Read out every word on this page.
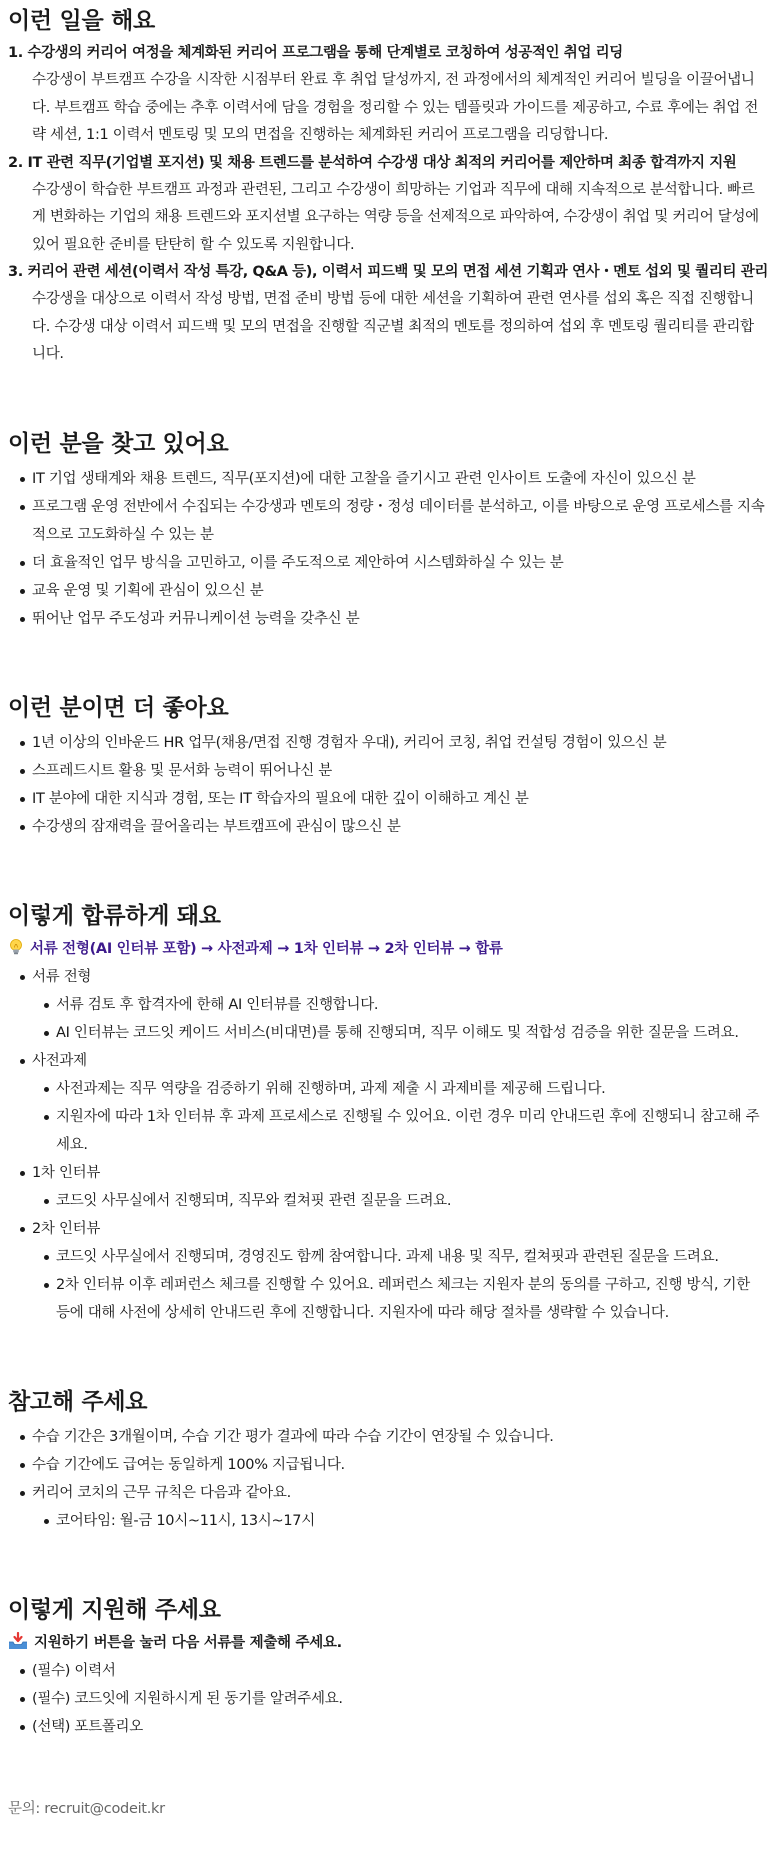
이런 일을 해요

1. 수강생의 커리어 여정을 체계화된 커리어 프로그램을 통해 단계별로 코칭하여 성공적인 취업 리딩

수강생이 부트캠프 수강을 시작한 시점부터 완료 후 취업 달성까지, 전 과정에서의 체계적인 커리어 빌딩을 이끌어냅니

다. 부트캠프 학습 중에는 추후 이력서에 담을 경험을 정리할 수 있는 템플릿과 가이드를 제공하고, 수료 후에는 취업 전

략 세션, 1:1 이력서 멘토링 및 모의 면접을 진행하는 체계화된 커리어 프로그램을 리딩합니다.

2. IT 관련 직무(기업별 포지션) 및 채용 트렌드를 분석하여 수강생 대상 최적의 커리어를 제안하며 최종 합격까지 지원

수강생이 학습한 부트캠프 과정과 관련된, 그리고 수강생이 희망하는 기업과 직무에 대해 지속적으로 분석합니다. 빠르

게 변화하는 기업의 채용 트렌드와 포지션별 요구하는 역량 등을 선제적으로 파악하여, 수강생이 취업 및 커리어 달성에

있어 필요한 준비를 탄탄히 할 수 있도록 지원합니다.

3. 커리어 관련 세션(이력서 작성 특강, Q&A 등), 이력서 피드백 및 모의 면접 세션 기획과 연사・멘토 섭외 및 퀄리티 관리

수강생을 대상으로 이력서 작성 방법, 면접 준비 방법 등에 대한 세션을 기획하여 관련 연사를 섭외 혹은 직접 진행합니

다. 수강생 대상 이력서 피드백 및 모의 면접을 진행할 직군별 최적의 멘토를 정의하여 섭외 후 멘토링 퀄리티를 관리합

니다.

이런 분을 찾고 있어요
IT 기업 생태계와 채용 트렌드, 직무(포지션)에 대한 고찰을 즐기시고 관련 인사이트 도출에 자신이 있으신 분
프로그램 운영 전반에서 수집되는 수강생과 멘토의 정량・정성 데이터를 분석하고, 이를 바탕으로 운영 프로세스를 지속적으로 고도화하실 수 있는 분
더 효율적인 업무 방식을 고민하고, 이를 주도적으로 제안하여 시스템화하실 수 있는 분
교육 운영 및 기획에 관심이 있으신 분
뛰어난 업무 주도성과 커뮤니케이션 능력을 갖추신 분
이런 분이면 더 좋아요
1년 이상의 인바운드 HR 업무(채용/면접 진행 경험자 우대), 커리어 코칭, 취업 컨설팅 경험이 있으신 분
스프레드시트 활용 및 문서화 능력이 뛰어나신 분
IT 분야에 대한 지식과 경험, 또는 IT 학습자의 필요에 대한 깊이 이해하고 계신 분
수강생의 잠재력을 끌어올리는 부트캠프에 관심이 많으신 분
이렇게 합류하게 돼요
서류 전형(AI 인터뷰 포함) → 사전과제 → 1차 인터뷰 → 2차 인터뷰 → 합류
서류 전형
서류 검토 후 합격자에 한해 AI 인터뷰를 진행합니다.
AI 인터뷰는 코드잇 케이드 서비스(비대면)를 통해 진행되며, 직무 이해도 및 적합성 검증을 위한 질문을 드려요.
사전과제
사전과제는 직무 역량을 검증하기 위해 진행하며, 과제 제출 시 과제비를 제공해 드립니다.
지원자에 따라 1차 인터뷰 후 과제 프로세스로 진행될 수 있어요. 이런 경우 미리 안내드린 후에 진행되니 참고해 주세요.
1차 인터뷰
코드잇 사무실에서 진행되며, 직무와 컬쳐핏 관련 질문을 드려요.
2차 인터뷰
코드잇 사무실에서 진행되며, 경영진도 함께 참여합니다. 과제 내용 및 직무, 컬쳐핏과 관련된 질문을 드려요.
2차 인터뷰 이후 레퍼런스 체크를 진행할 수 있어요. 레퍼런스 체크는 지원자 분의 동의를 구하고, 진행 방식, 기한 등에 대해 사전에 상세히 안내드린 후에 진행합니다. 지원자에 따라 해당 절차를 생략할 수 있습니다.
참고해 주세요
수습 기간은 3개월이며, 수습 기간 평가 결과에 따라 수습 기간이 연장될 수 있습니다.
수습 기간에도 급여는 동일하게 100% 지급됩니다.
커리어 코치의 근무 규칙은 다음과 같아요.
코어타임: 월-금 10시~11시, 13시~17시
이렇게 지원해 주세요
지원하기 버튼을 눌러 다음 서류를 제출해 주세요.
(필수) 이력서
(필수) 코드잇에 지원하시게 된 동기를 알려주세요.
(선택) 포트폴리오
문의: recruit@codeit.kr
